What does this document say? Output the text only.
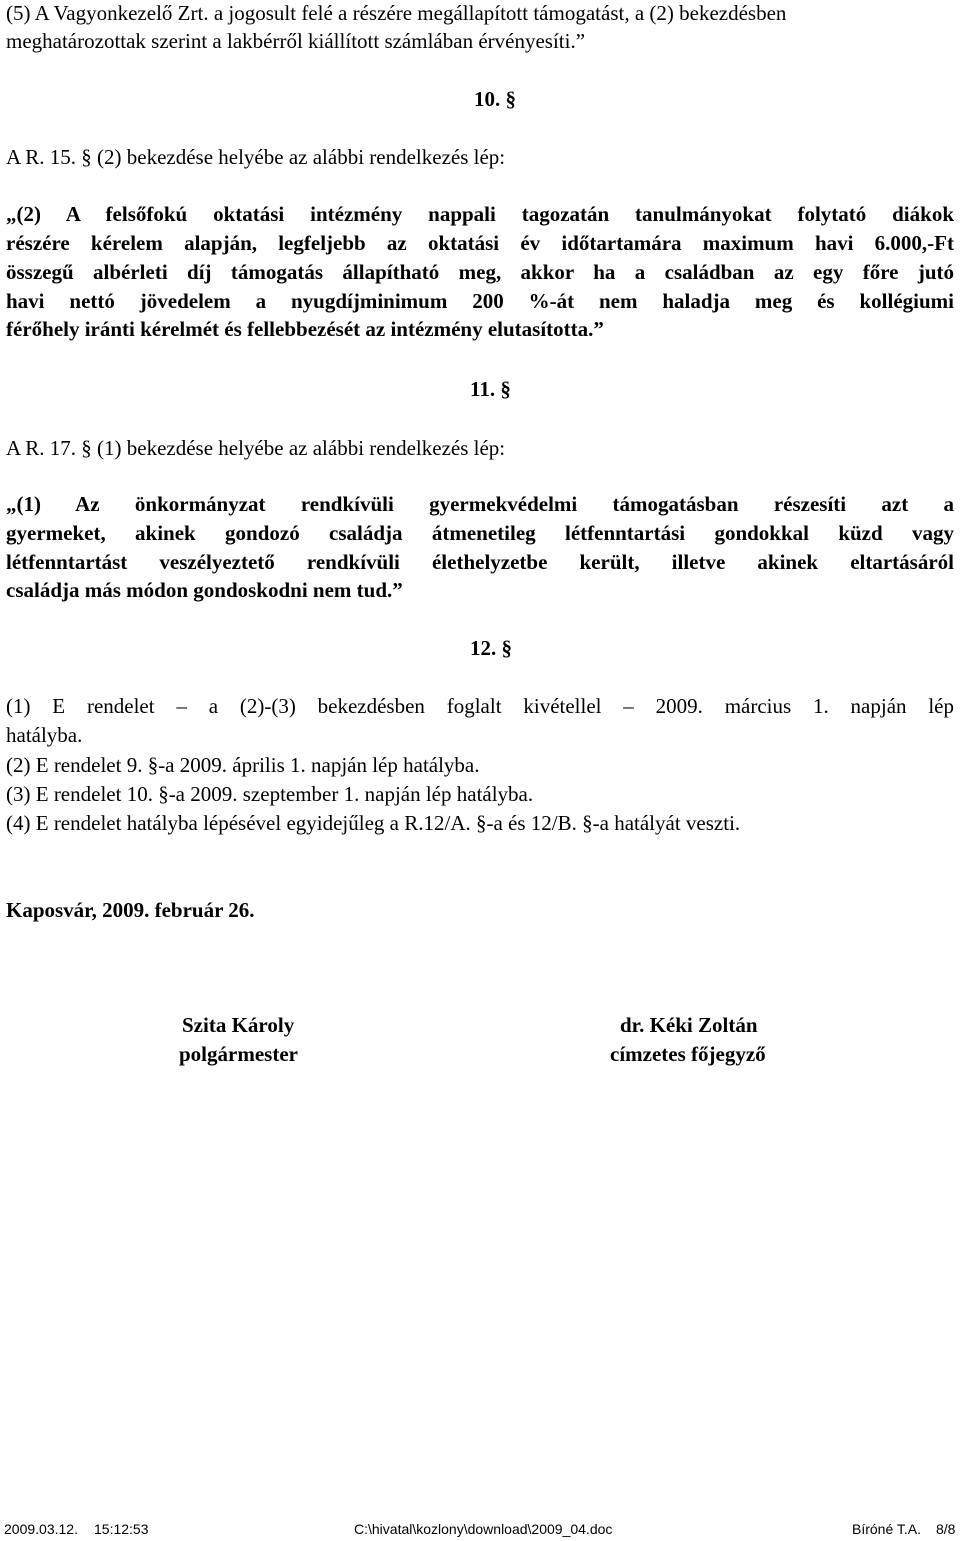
(5) A Vagyonkezelő Zrt. a jogosult felé a részére megállapított támogatást, a (2) bekezdésben
meghatározottak szerint a lakbérről kiállított számlában érvényesíti.”
10. §
A R. 15. § (2) bekezdése helyébe az alábbi rendelkezés lép:
„(2) A felsőfokú oktatási intézmény nappali tagozatán tanulmányokat folytató diákok
részére kérelem alapján, legfeljebb az oktatási év időtartamára maximum havi 6.000,-Ft
összegű albérleti díj támogatás állapítható meg, akkor ha a családban az egy főre jutó
havi nettó jövedelem a nyugdíjminimum 200 %-át nem haladja meg és kollégiumi
férőhely iránti kérelmét és fellebbezését az intézmény elutasította.”
11. §
A R. 17. § (1) bekezdése helyébe az alábbi rendelkezés lép:
„(1) Az önkormányzat rendkívüli gyermekvédelmi támogatásban részesíti azt a
gyermeket, akinek gondozó családja átmenetileg létfenntartási gondokkal küzd vagy
létfenntartást veszélyeztető rendkívüli élethelyzetbe került, illetve akinek eltartásáról
családja más módon gondoskodni nem tud.”
12. §
(1) E rendelet – a (2)-(3) bekezdésben foglalt kivétellel – 2009. március 1. napján lép
hatályba.
(2) E rendelet 9. §-a 2009. április 1. napján lép hatályba.
(3) E rendelet 10. §-a 2009. szeptember 1. napján lép hatályba.
(4) E rendelet hatályba lépésével egyidejűleg a R.12/A. §-a és 12/B. §-a hatályát veszti.
Kaposvár, 2009. február 26.
Szita Károly
polgármester
dr. Kéki Zoltán
címzetes főjegyző
2009.03.12. 15:12:53	C:\hivatal\kozlony\download\2009_04.doc	Bíróné T.A. 8/8
